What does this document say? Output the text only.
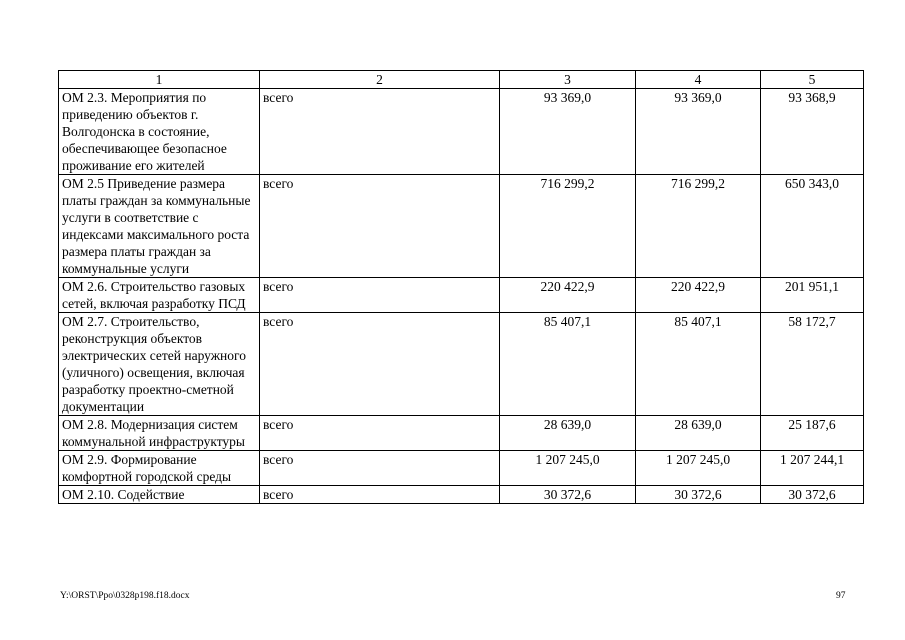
1	2	3	4	5
ОМ 2.3. Мероприятия по приведению объектов г. Волгодонска в состояние, обеспечивающее безопасное проживание его жителей	всего	93 369,0	93 369,0	93 368,9
ОМ 2.5 Приведение размера платы граждан за коммунальные услуги в соответствие с индексами максимального роста размера платы граждан за коммунальные услуги	всего	716 299,2	716 299,2	650 343,0
ОМ 2.6. Строительство газовых сетей, включая разработку ПСД	всего	220 422,9	220 422,9	201 951,1
ОМ 2.7. Строительство, реконструкция объектов электрических сетей наружного (уличного) освещения, включая разработку проектно-сметной документации	всего	85 407,1	85 407,1	58 172,7
ОМ 2.8. Модернизация систем коммунальной инфраструктуры	всего	28 639,0	28 639,0	25 187,6
ОМ 2.9. Формирование комфортной городской среды	всего	1 207 245,0	1 207 245,0	1 207 244,1
ОМ 2.10. Содействие	всего	30 372,6	30 372,6	30 372,6
Y:\ORST\Ppo\0328p198.f18.docx	97
